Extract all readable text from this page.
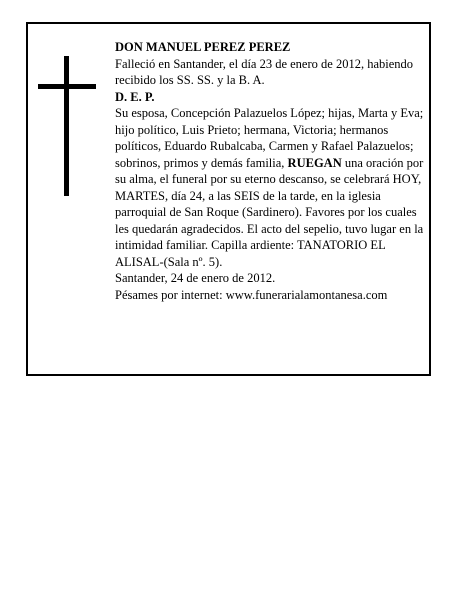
DON MANUEL PEREZ PEREZ

Falleció en Santander, el día 23 de enero de 2012, habiendo recibido los SS. SS. y la B. A.

D. E. P.

Su esposa, Concepción Palazuelos López; hijas, Marta y Eva; hijo político, Luis Prieto; hermana, Victoria; hermanos políticos, Eduardo Rubalcaba, Carmen y Rafael Palazuelos; sobrinos, primos y demás familia, RUEGAN una oración por su alma, el funeral por su eterno descanso, se celebrará HOY, MARTES, día 24, a las SEIS de la tarde, en la iglesia parroquial de San Roque (Sardinero). Favores por los cuales les quedarán agradecidos. El acto del sepelio, tuvo lugar en la intimidad familiar. Capilla ardiente: TANATORIO EL ALISAL-(Sala nº. 5).

Santander, 24 de enero de 2012.

Pésames por internet: www.funerarialamontanesa.com
